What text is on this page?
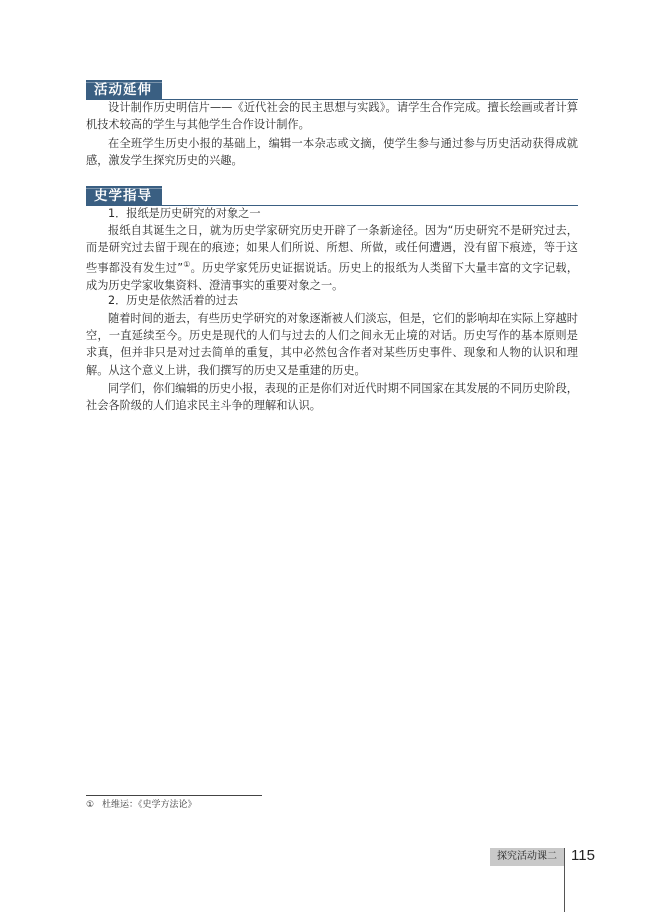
活动延伸

设计制作历史明信片——《近代社会的民主思想与实践》。请学生合作完成。擅长绘画或者计算机技术较高的学生与其他学生合作设计制作。

在全班学生历史小报的基础上，编辑一本杂志或文摘，使学生参与通过参与历史活动获得成就感，激发学生探究历史的兴趣。

史学指导
1．报纸是历史研究的对象之一

报纸自其诞生之日，就为历史学家研究历史开辟了一条新途径。因为“历史研究不是研究过去，而是研究过去留于现在的痕迹；如果人们所说、所想、所做，或任何遭遇，没有留下痕迹，等于这些事都没有发生过”①。历史学家凭历史证据说话。历史上的报纸为人类留下大量丰富的文字记载，成为历史学家收集资料、澄清事实的重要对象之一。

2．历史是依然活着的过去

随着时间的逝去，有些历史学研究的对象逐渐被人们淡忘，但是，它们的影响却在实际上穿越时空，一直延续至今。历史是现代的人们与过去的人们之间永无止境的对话。历史写作的基本原则是求真，但并非只是对过去简单的重复，其中必然包含作者对某些历史事件、现象和人物的认识和理解。从这个意义上讲，我们撰写的历史又是重建的历史。

同学们，你们编辑的历史小报，表现的正是你们对近代时期不同国家在其发展的不同历史阶段，社会各阶级的人们追求民主斗争的理解和认识。

① 杜维运：《史学方法论》
探究活动课二 115
